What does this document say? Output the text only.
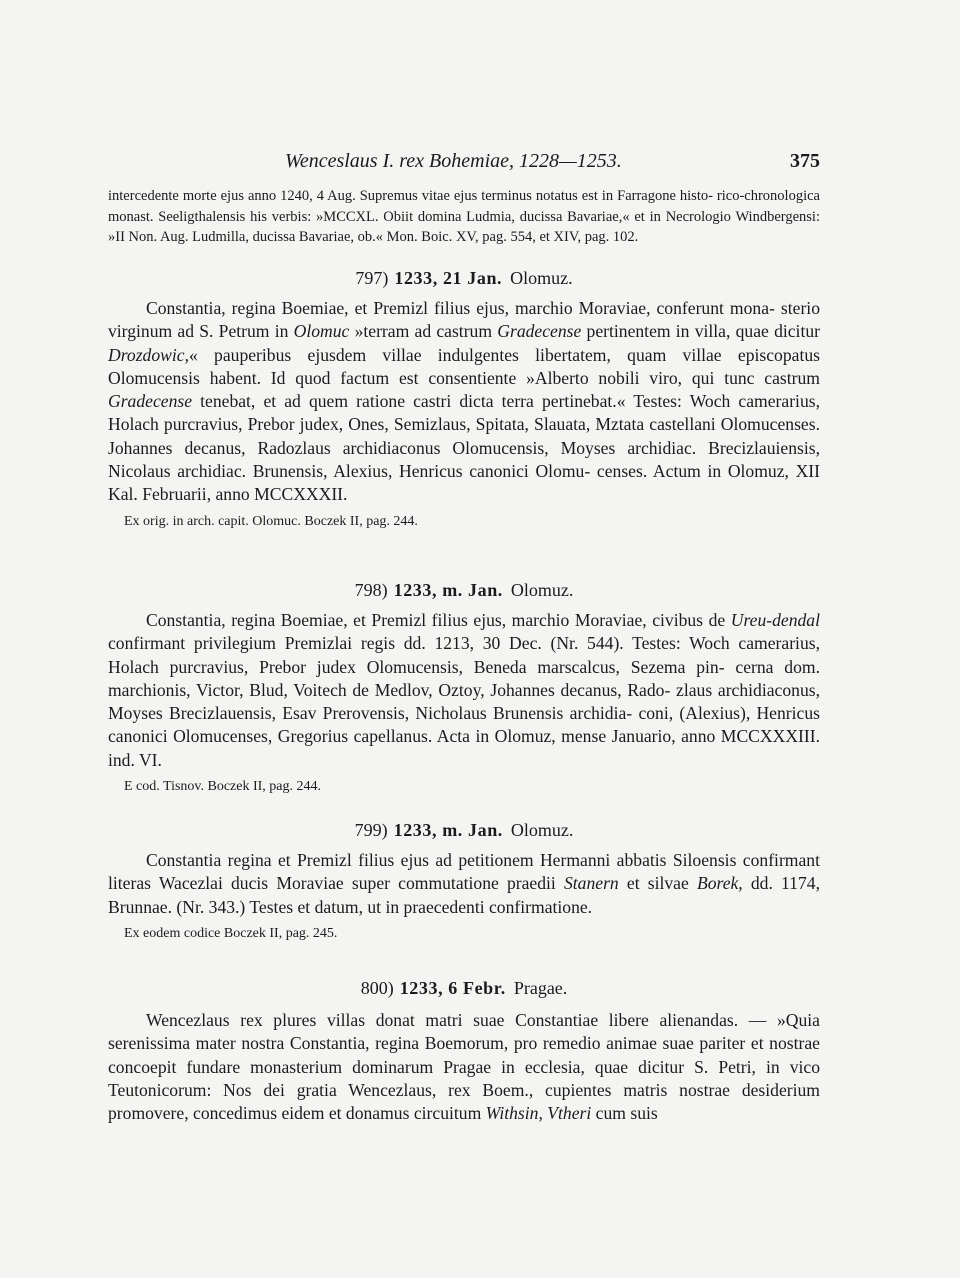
Wenceslaus I. rex Bohemiae, 1228—1253.	375
intercedente morte ejus anno 1240, 4 Aug. Supremus vitae ejus terminus notatus est in Farragone histo- rico-chronologica monast. Seeligthalensis his verbis: »MCCXL. Obiit domina Ludmia, ducissa Bavariae,« et in Necrologio Windbergensi: »II Non. Aug. Ludmilla, ducissa Bavariae, ob.« Mon. Boic. XV, pag. 554, et XIV, pag. 102.
797) 1233, 21 Jan. Olomuz.
Constantia, regina Boemiae, et Premizl filius ejus, marchio Moraviae, conferunt mona- sterio virginum ad S. Petrum in Olomuc »terram ad castrum Gradecense pertinentem in villa, quae dicitur Drozdowic,« pauperibus ejusdem villae indulgentes libertatem, quam villae episcopatus Olomucensis habent. Id quod factum est consentiente »Alberto nobili viro, qui tunc castrum Gradecense tenebat, et ad quem ratione castri dicta terra pertinebat.« Testes: Woch camerarius, Holach purcravius, Prebor judex, Ones, Semizlaus, Spitata, Slauata, Mztata castellani Olomucenses. Johannes decanus, Radozlaus archidiaconus Olomucensis, Moyses archidiac. Brecizlauiensis, Nicolaus archidiac. Brunensis, Alexius, Henricus canonici Olomu- censes. Actum in Olomuz, XII Kal. Februarii, anno MCCXXXII.
Ex orig. in arch. capit. Olomuc. Boczek II, pag. 244.
798) 1233, m. Jan. Olomuz.
Constantia, regina Boemiae, et Premizl filius ejus, marchio Moraviae, civibus de Ureu-dendal confirmant privilegium Premizlai regis dd. 1213, 30 Dec. (Nr. 544). Testes: Woch camerarius, Holach purcravius, Prebor judex Olomucensis, Beneda marscalcus, Sezema pin- cerna dom. marchionis, Victor, Blud, Voitech de Medlov, Oztoy, Johannes decanus, Rado- zlaus archidiaconus, Moyses Brecizlauensis, Esav Prerovensis, Nicholaus Brunensis archidia- coni, (Alexius), Henricus canonici Olomucenses, Gregorius capellanus. Acta in Olomuz, mense Januario, anno MCCXXXIII. ind. VI.
E cod. Tisnov. Boczek II, pag. 244.
799) 1233, m. Jan. Olomuz.
Constantia regina et Premizl filius ejus ad petitionem Hermanni abbatis Siloensis confirmant literas Wacezlai ducis Moraviae super commutatione praedii Stanern et silvae Borek, dd. 1174, Brunnae. (Nr. 343.) Testes et datum, ut in praecedenti confirmatione.
Ex eodem codice Boczek II, pag. 245.
800) 1233, 6 Febr. Pragae.
Wencezlaus rex plures villas donat matri suae Constantiae libere alienandas. — »Quia serenissima mater nostra Constantia, regina Boemorum, pro remedio animae suae pariter et nostrae concoepit fundare monasterium dominarum Pragae in ecclesia, quae dicitur S. Petri, in vico Teutonicorum: Nos dei gratia Wencezlaus, rex Boem., cupientes matris nostrae desiderium promovere, concedimus eidem et donamus circuitum Withsin, Vtheri cum suis
